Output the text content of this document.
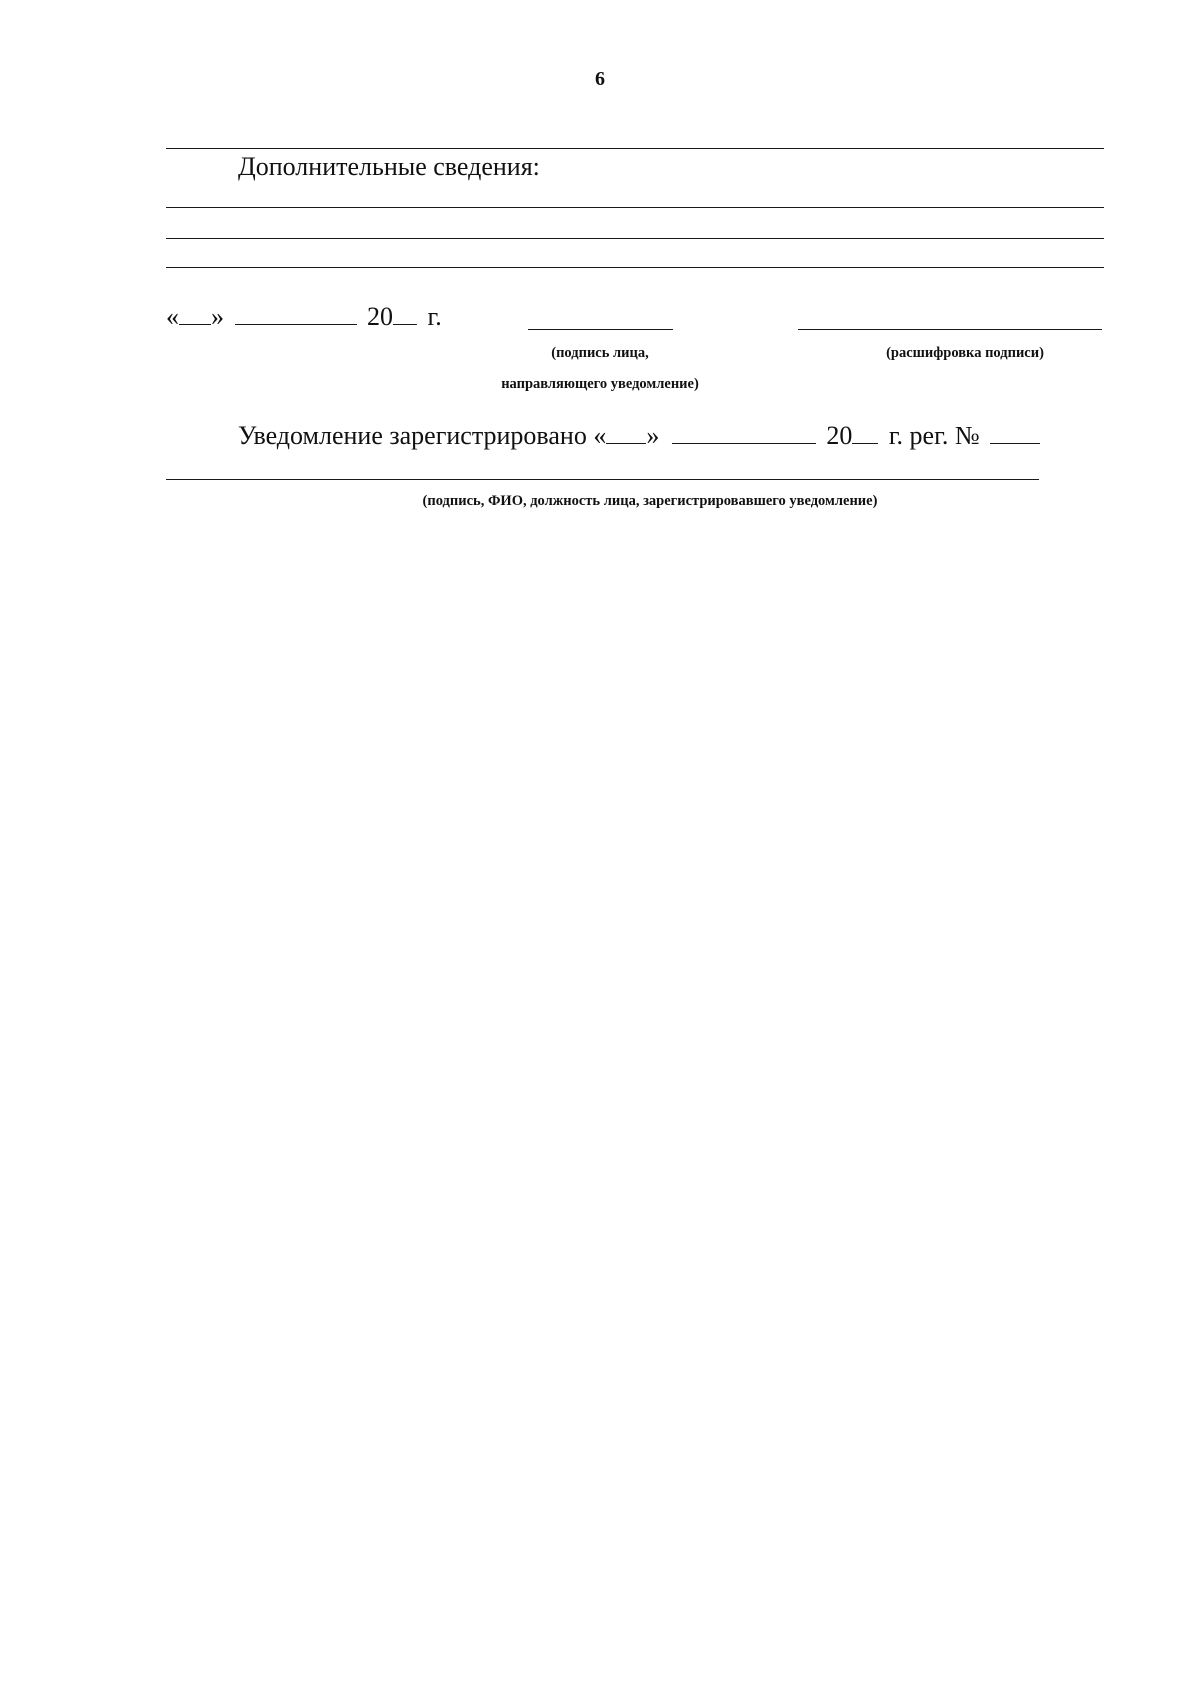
6
Дополнительные сведения:
« »	20 г.
(подпись лица,
направляющего уведомление)
(расшифровка подписи)
Уведомление зарегистрировано « »	20 г. рег. №
(подпись, ФИО, должность лица, зарегистрировавшего уведомление)
